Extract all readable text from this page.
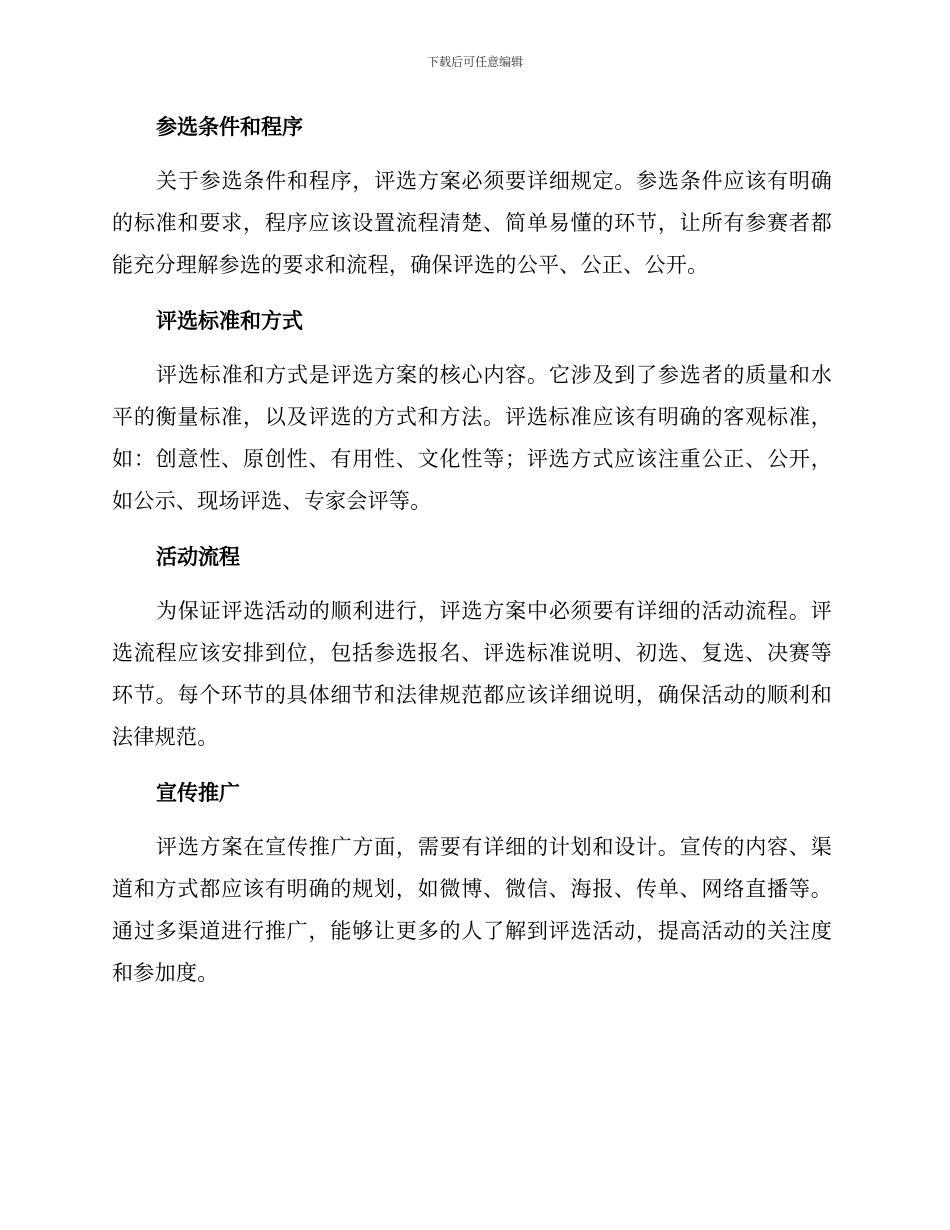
下载后可任意编辑
参选条件和程序

关于参选条件和程序，评选方案必须要详细规定。参选条件应该有明确的标准和要求，程序应该设置流程清楚、简单易懂的环节，让所有参赛者都能充分理解参选的要求和流程，确保评选的公平、公正、公开。

评选标准和方式

评选标准和方式是评选方案的核心内容。它涉及到了参选者的质量和水平的衡量标准，以及评选的方式和方法。评选标准应该有明确的客观标准，如：创意性、原创性、有用性、文化性等；评选方式应该注重公正、公开，如公示、现场评选、专家会评等。

活动流程

为保证评选活动的顺利进行，评选方案中必须要有详细的活动流程。评选流程应该安排到位，包括参选报名、评选标准说明、初选、复选、决赛等环节。每个环节的具体细节和法律规范都应该详细说明，确保活动的顺利和法律规范。

宣传推广

评选方案在宣传推广方面，需要有详细的计划和设计。宣传的内容、渠道和方式都应该有明确的规划，如微博、微信、海报、传单、网络直播等。通过多渠道进行推广，能够让更多的人了解到评选活动，提高活动的关注度和参加度。
